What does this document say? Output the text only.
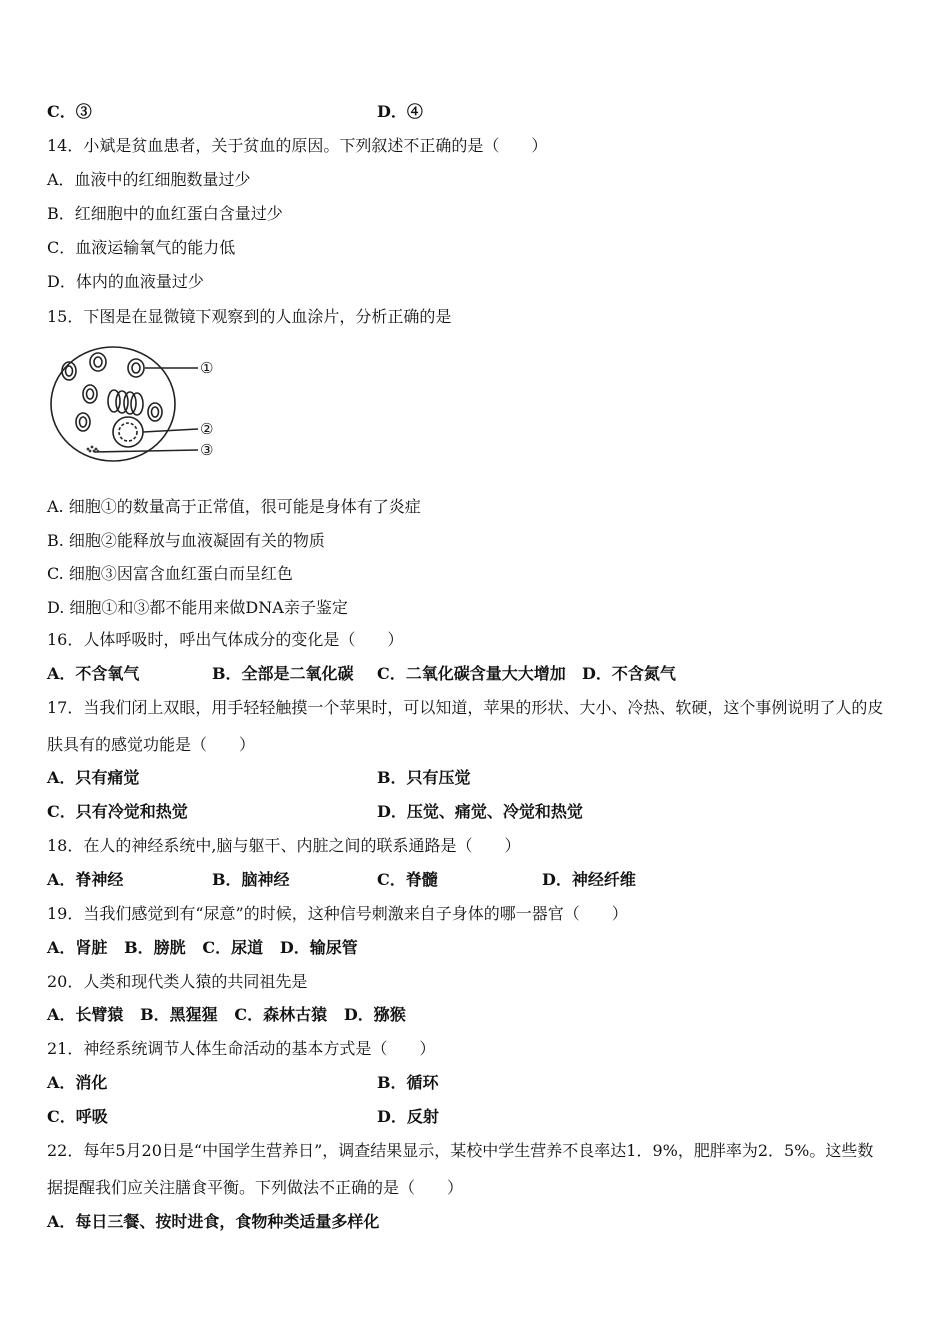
C．③	D．④
14．小斌是贫血患者，关于贫血的原因。下列叙述不正确的是（　　）
A．血液中的红细胞数量过少
B．红细胞中的血红蛋白含量过少
C．血液运输氧气的能力低
D．体内的血液量过少
15．下图是在显微镜下观察到的人血涂片，分析正确的是
①
②
③
A. 细胞①的数量高于正常值，很可能是身体有了炎症
B. 细胞②能释放与血液凝固有关的物质
C. 细胞③因富含血红蛋白而呈红色
D. 细胞①和③都不能用来做DNA亲子鉴定
16．人体呼吸时，呼出气体成分的变化是（　　）
A．不含氧气	B．全部是二氧化碳 C．二氧化碳含量大大增加 D．不含氮气
17．当我们闭上双眼，用手轻轻触摸一个苹果时，可以知道，苹果的形状、大小、冷热、软硬，这个事例说明了人的皮
肤具有的感觉功能是（　　）
A．只有痛觉	B．只有压觉
C．只有冷觉和热觉	D．压觉、痛觉、冷觉和热觉
18．在人的神经系统中,脑与躯干、内脏之间的联系通路是（　　）
A．脊神经	B．脑神经	C．脊髓	D．神经纤维
19．当我们感觉到有“尿意”的时候，这种信号刺激来自子身体的哪一器官（　　）
A．肾脏 B．膀胱 C．尿道 D．输尿管
20．人类和现代类人猿的共同祖先是
A．长臂猿 B．黑猩猩 C．森林古猿 D．猕猴
21．神经系统调节人体生命活动的基本方式是（　　）
A．消化	B．循环
C．呼吸	D．反射
22．每年5月20日是“中国学生营养日”，调查结果显示，某校中学生营养不良率达1．9%，肥胖率为2．5%。这些数
据提醒我们应关注膳食平衡。下列做法不正确的是（　　）
A．每日三餐、按时进食，食物种类适量多样化
